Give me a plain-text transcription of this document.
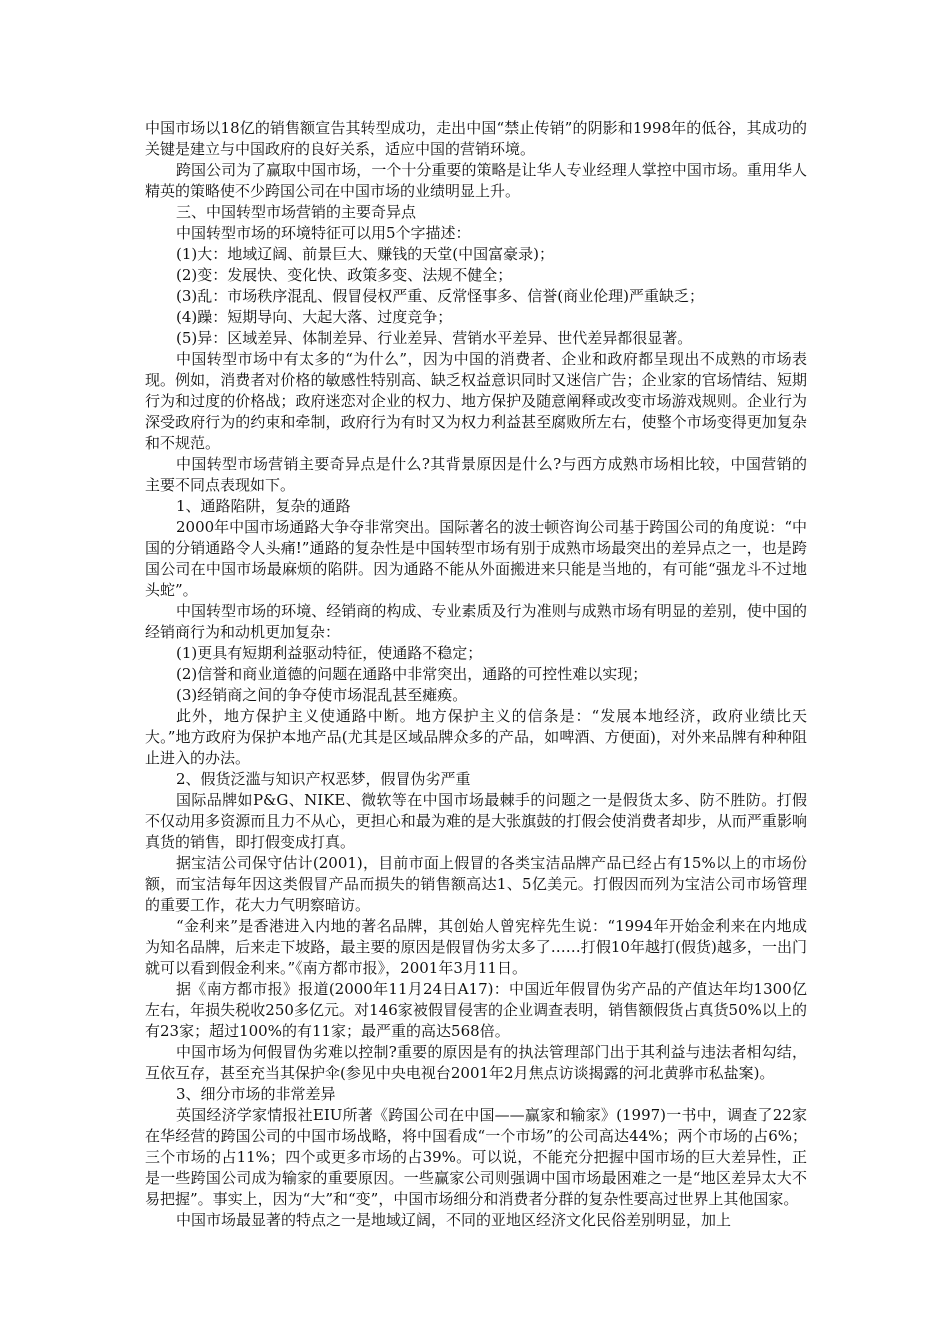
中国市场以18亿的销售额宣告其转型成功，走出中国“禁止传销”的阴影和1998年的低谷，其成功的关键是建立与中国政府的良好关系，适应中国的营销环境。

跨国公司为了赢取中国市场，一个十分重要的策略是让华人专业经理人掌控中国市场。重用华人精英的策略使不少跨国公司在中国市场的业绩明显上升。

三、中国转型市场营销的主要奇异点

中国转型市场的环境特征可以用5个字描述：

(1)大：地域辽阔、前景巨大、赚钱的天堂(中国富豪录)；

(2)变：发展快、变化快、政策多变、法规不健全；

(3)乱：市场秩序混乱、假冒侵权严重、反常怪事多、信誉(商业伦理)严重缺乏；

(4)躁：短期导向、大起大落、过度竞争；

(5)异：区域差异、体制差异、行业差异、营销水平差异、世代差异都很显著。

中国转型市场中有太多的“为什么”，因为中国的消费者、企业和政府都呈现出不成熟的市场表现。例如，消费者对价格的敏感性特别高、缺乏权益意识同时又迷信广告；企业家的官场情结、短期行为和过度的价格战；政府迷恋对企业的权力、地方保护及随意阐释或改变市场游戏规则。企业行为深受政府行为的约束和牵制，政府行为有时又为权力利益甚至腐败所左右，使整个市场变得更加复杂和不规范。

中国转型市场营销主要奇异点是什么?其背景原因是什么?与西方成熟市场相比较，中国营销的主要不同点表现如下。

1、通路陷阱，复杂的通路

2000年中国市场通路大争夺非常突出。国际著名的波士顿咨询公司基于跨国公司的角度说：“中国的分销通路令人头痛!”通路的复杂性是中国转型市场有别于成熟市场最突出的差异点之一，也是跨国公司在中国市场最麻烦的陷阱。因为通路不能从外面搬进来只能是当地的，有可能“强龙斗不过地头蛇”。

中国转型市场的环境、经销商的构成、专业素质及行为准则与成熟市场有明显的差别，使中国的经销商行为和动机更加复杂：

(1)更具有短期利益驱动特征，使通路不稳定；

(2)信誉和商业道德的问题在通路中非常突出，通路的可控性难以实现；

(3)经销商之间的争夺使市场混乱甚至瘫痪。

此外，地方保护主义使通路中断。地方保护主义的信条是：“发展本地经济，政府业绩比天大。”地方政府为保护本地产品(尤其是区域品牌众多的产品，如啤酒、方便面)，对外来品牌有种种阻止进入的办法。

2、假货泛滥与知识产权恶梦，假冒伪劣严重

国际品牌如P&G、NIKE、微软等在中国市场最棘手的问题之一是假货太多、防不胜防。打假不仅动用多资源而且力不从心，更担心和最为难的是大张旗鼓的打假会使消费者却步，从而严重影响真货的销售，即打假变成打真。

据宝洁公司保守估计(2001)，目前市面上假冒的各类宝洁品牌产品已经占有15%以上的市场份额，而宝洁每年因这类假冒产品而损失的销售额高达1、5亿美元。打假因而列为宝洁公司市场管理的重要工作，花大力气明察暗访。

“金利来”是香港进入内地的著名品牌，其创始人曾宪梓先生说：“1994年开始金利来在内地成为知名品牌，后来走下坡路，最主要的原因是假冒伪劣太多了……打假10年越打(假货)越多，一出门就可以看到假金利来。”《南方都市报》，2001年3月11日。

据《南方都市报》报道(2000年11月24日A17)：中国近年假冒伪劣产品的产值达年均1300亿左右，年损失税收250多亿元。对146家被假冒侵害的企业调查表明，销售额假货占真货50%以上的有23家；超过100%的有11家；最严重的高达568倍。

中国市场为何假冒伪劣难以控制?重要的原因是有的执法管理部门出于其利益与违法者相勾结，互依互存，甚至充当其保护伞(参见中央电视台2001年2月焦点访谈揭露的河北黄骅市私盐案)。

3、细分市场的非常差异

英国经济学家情报社EIU所著《跨国公司在中国——赢家和输家》(1997)一书中，调查了22家在华经营的跨国公司的中国市场战略，将中国看成“一个市场”的公司高达44%；两个市场的占6%；三个市场的占11%；四个或更多市场的占39%。可以说，不能充分把握中国市场的巨大差异性，正是一些跨国公司成为输家的重要原因。一些赢家公司则强调中国市场最困难之一是“地区差异太大不易把握”。事实上，因为“大”和“变”，中国市场细分和消费者分群的复杂性要高过世界上其他国家。

中国市场最显著的特点之一是地域辽阔，不同的亚地区经济文化民俗差别明显，加上
